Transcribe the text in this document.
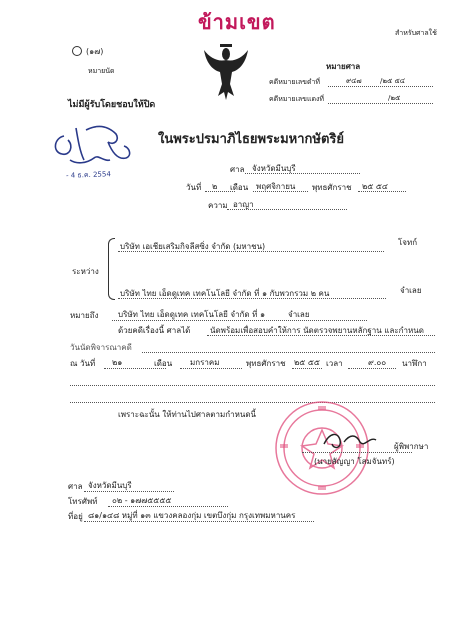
ข้ามเขต	สำหรับศาลใช้
(๑๗)
หมายนัด	หมายศาล
คดีหมายเลขดำที่	๙๔๗	/๒๕ ๕๔
คดีหมายเลขแดงที่	/๒๕
ไม่มีผู้รับโดยชอบให้ปิด
- 4 ธ.ค. 2554
ในพระปรมาภิไธยพระมหากษัตริย์
ศาล จังหวัดมีนบุรี
วันที่ ๒ เดือน พฤศจิกายน พุทธศักราช ๒๕ ๕๔
ความ อาญา
ระหว่าง
บริษัท เอเชียเสริมกิจลีสซิ่ง จำกัด (มหาชน)	โจทก์
บริษัท ไทย เอ็ดดูเทค เทคโนโลยี จำกัด ที่ ๑ กับพวกรวม ๒ คน	จำเลย
หมายถึง บริษัท ไทย เอ็ดดูเทค เทคโนโลยี จำกัด ที่ ๑	จำเลย
ด้วยคดีเรื่องนี้ ศาลได้ นัดพร้อมเพื่อสอบคำให้การ นัดตรวจพยานหลักฐาน และกำหนด
วันนัดพิจารณาคดี
ณ วันที่ ๒๑	เดือน มกราคม	พุทธศักราช ๒๕ ๕๕ เวลา	๙.๐๐ นาฬิกา
เพราะฉะนั้น ให้ท่านไปศาลตามกำหนดนี้
(นายสัญญา โสมจันทร์)
ผู้พิพากษา
ศาล จังหวัดมีนบุรี
โทรศัพท์ ๐๒ - ๑๗๗๕๕๕๕
ที่อยู่ ๘๑/๑๔๘ หมู่ที่ ๑๓ แขวงคลองกุ่ม เขตบึงกุ่ม กรุงเทพมหานคร
